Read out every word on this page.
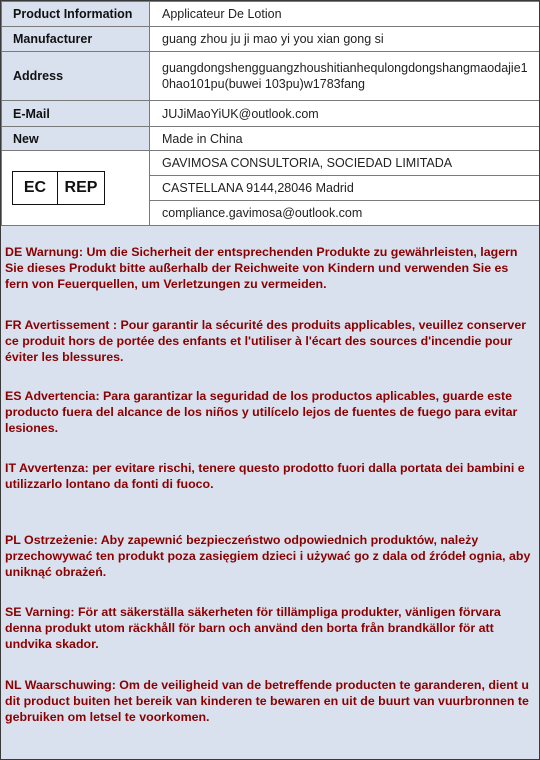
Product Information	Applicateur De Lotion
Manufacturer	guang zhou ju ji mao yi you xian gong si
Address	guangdongshengguangzhoushitianhequlongdongshangmaodajie10hao101pu(buwei 103pu)w1783fang
E-Mail	JUJiMaoYiUK@outlook.com
New	Made in China

EC REP	GAVIMOSA CONSULTORIA, SOCIEDAD LIMITADA
	CASTELLANA 9144,28046 Madrid
	compliance.gavimosa@outlook.com

DE Warnung: Um die Sicherheit der entsprechenden Produkte zu gewährleisten, lagern Sie dieses Produkt bitte außerhalb der Reichweite von Kindern und verwenden Sie es fern von Feuerquellen, um Verletzungen zu vermeiden.

FR Avertissement : Pour garantir la sécurité des produits applicables, veuillez conserver ce produit hors de portée des enfants et l'utiliser à l'écart des sources d'incendie pour éviter les blessures.

ES Advertencia: Para garantizar la seguridad de los productos aplicables, guarde este producto fuera del alcance de los niños y utilícelo lejos de fuentes de fuego para evitar lesiones.

IT Avvertenza: per evitare rischi, tenere questo prodotto fuori dalla portata dei bambini e utilizzarlo lontano da fonti di fuoco.

PL Ostrzeżenie: Aby zapewnić bezpieczeństwo odpowiednich produktów, należy przechowywać ten produkt poza zasięgiem dzieci i używać go z dala od źródeł ognia, aby uniknąć obrażeń.

SE Varning: För att säkerställa säkerheten för tillämpliga produkter, vänligen förvara denna produkt utom räckhåll för barn och använd den borta från brandkällor för att undvika skador.

NL Waarschuwing: Om de veiligheid van de betreffende producten te garanderen, dient u dit product buiten het bereik van kinderen te bewaren en uit de buurt van vuurbronnen te gebruiken om letsel te voorkomen.
